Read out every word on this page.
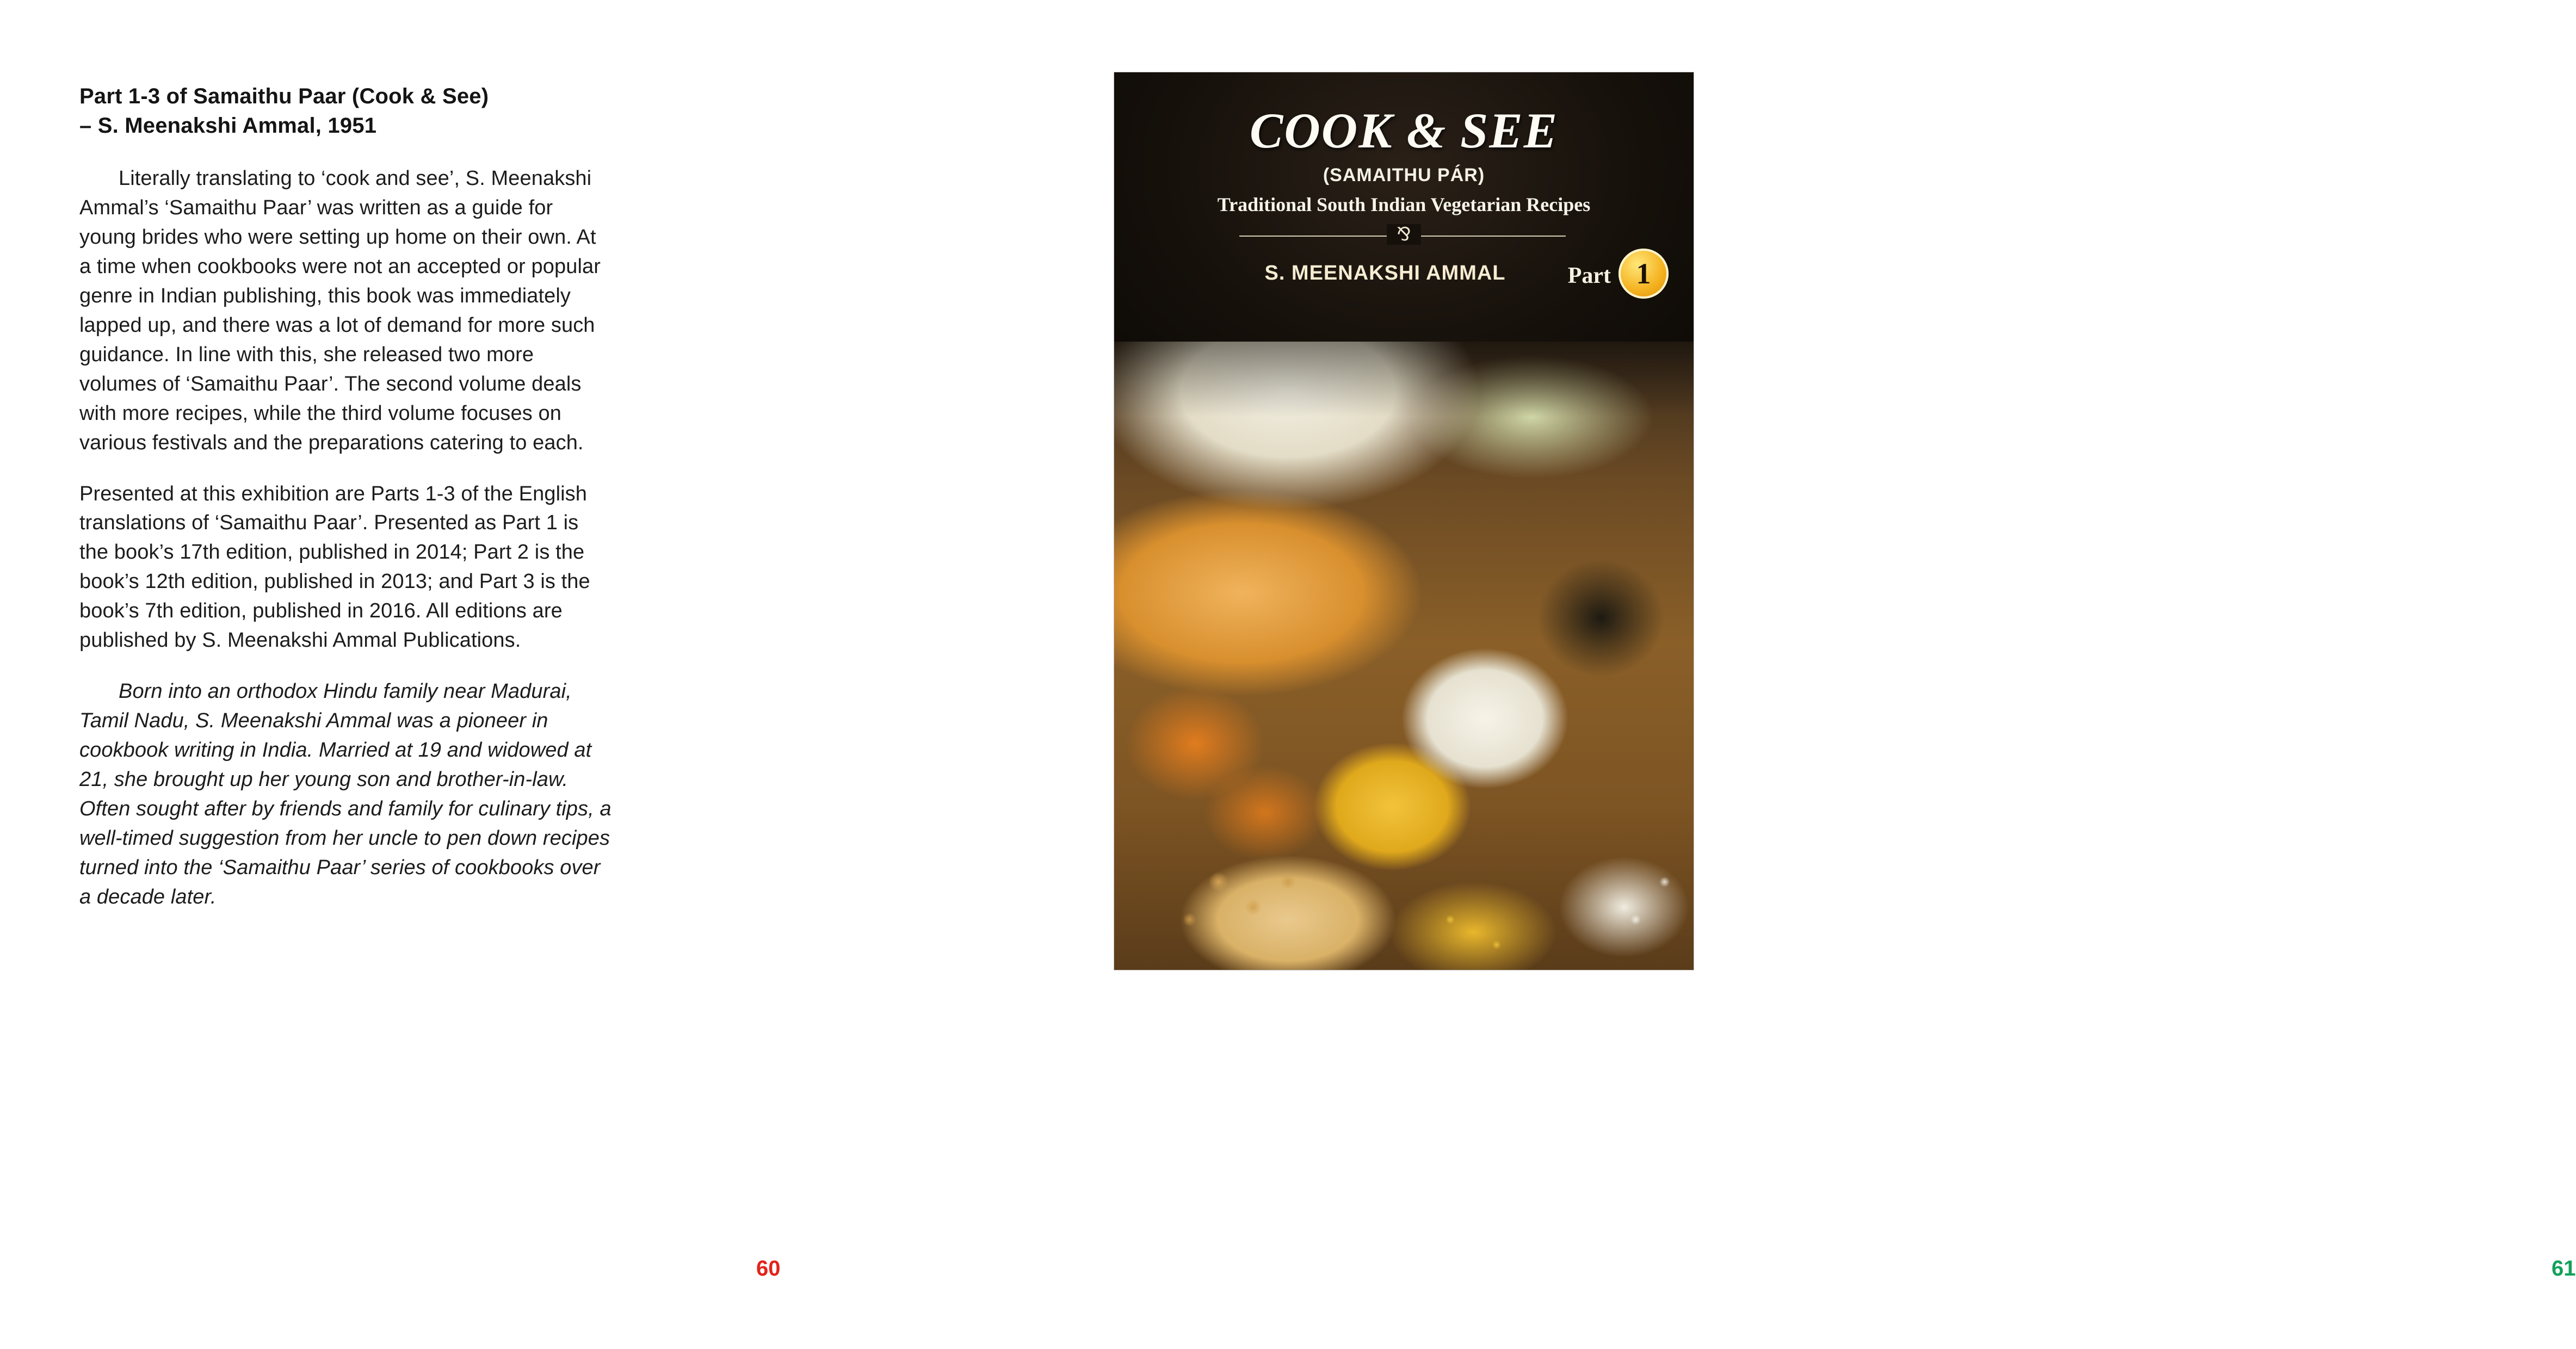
Part 1-3 of Samaithu Paar (Cook & See)
– S. Meenakshi Ammal, 1951

Literally translating to ‘cook and see’, S. Meenakshi Ammal’s ‘Samaithu Paar’ was written as a guide for young brides who were setting up home on their own. At a time when cookbooks were not an accepted or popular genre in Indian publishing, this book was immediately lapped up, and there was a lot of demand for more such guidance. In line with this, she released two more volumes of ‘Samaithu Paar’. The second volume deals with more recipes, while the third volume focuses on various festivals and the preparations catering to each.

Presented at this exhibition are Parts 1-3 of the English translations of ‘Samaithu Paar’. Presented as Part 1 is the book’s 17th edition, published in 2014; Part 2 is the book’s 12th edition, published in 2013; and Part 3 is the book’s 7th edition, published in 2016. All editions are published by S. Meenakshi Ammal Publications.

Born into an orthodox Hindu family near Madurai, Tamil Nadu, S. Meenakshi Ammal was a pioneer in cookbook writing in India. Married at 19 and widowed at 21, she brought up her young son and brother-in-law. Often sought after by friends and family for culinary tips, a well-timed suggestion from her uncle to pen down recipes turned into the ‘Samaithu Paar’ series of cookbooks over a decade later.

60
COOK & SEE
(SAMAITHU PÁR)
Traditional South Indian Vegetarian Recipes
⅋
S. MEENAKSHI AMMAL	Part 1
61
